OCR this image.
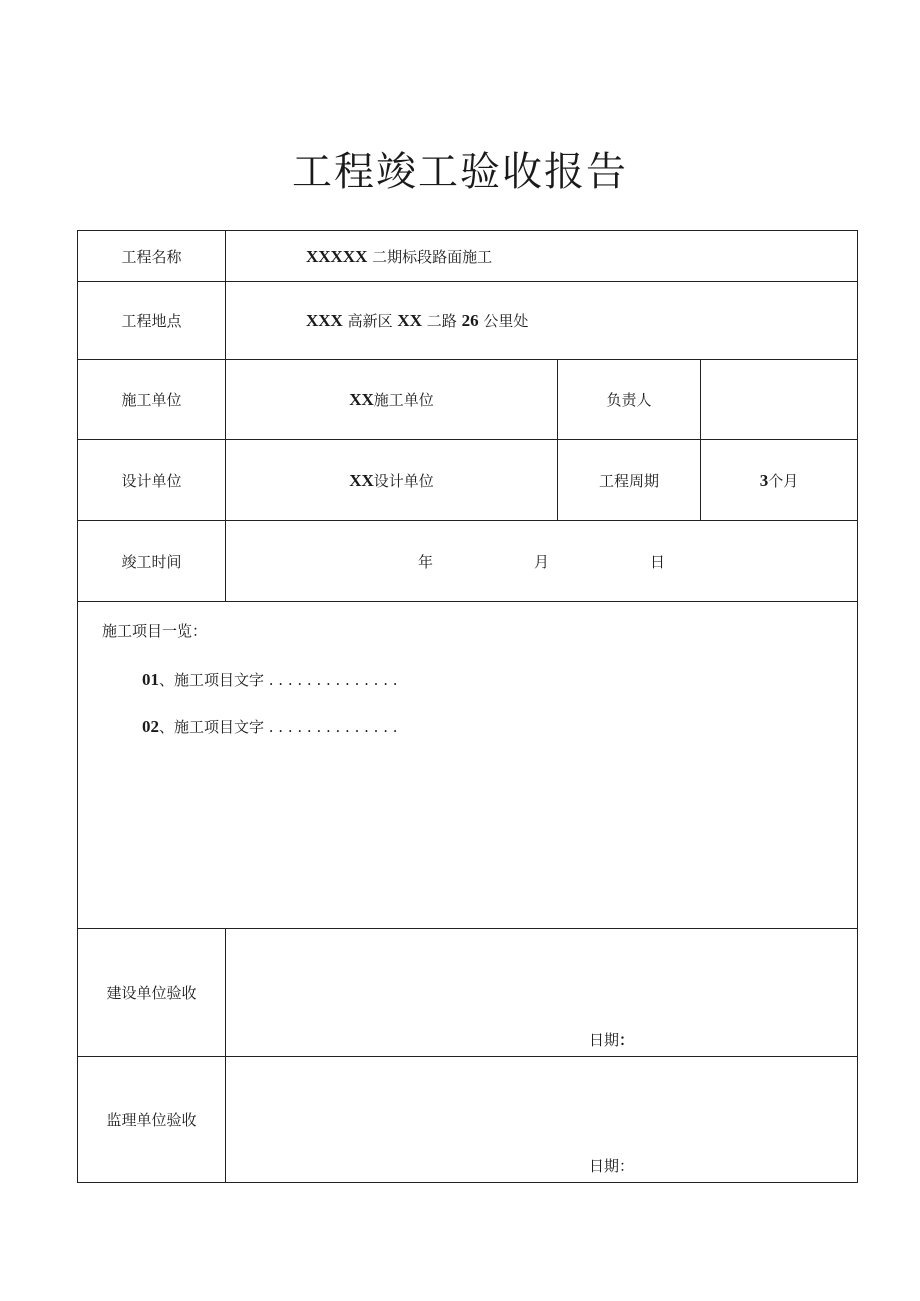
工程竣工验收报告
工程名称	XXXXX 二期标段路面施工		
工程地点	XXX 高新区 XX 二路 26 公里处		
施工单位	XX施工单位	负责人	
设计单位	XX设计单位	工程周期	3个月
竣工时间	年 月 日		

施工项目一览：
01、施工项目文字 . . . . . . . . . . . . . .
02、施工项目文字 . . . . . . . . . . . . . .			

建设单位验收	日期：		

监理单位验收	日期：		
